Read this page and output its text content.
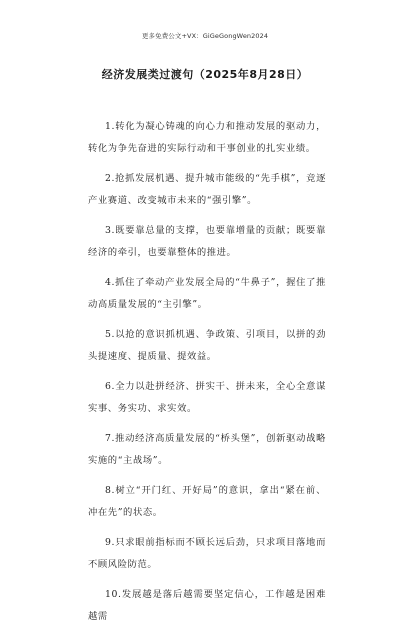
更多免费公文+VX：GiGeGongWen2024
经济发展类过渡句（2025年8月28日）

1.转化为凝心铸魂的向心力和推动发展的驱动力，转化为争先奋进的实际行动和干事创业的扎实业绩。

2.抢抓发展机遇、提升城市能级的“先手棋”，竞逐产业赛道、改变城市未来的“强引擎”。

3.既要靠总量的支撑，也要靠增量的贡献；既要靠经济的牵引，也要靠整体的推进。

4.抓住了牵动产业发展全局的“牛鼻子”，握住了推动高质量发展的“主引擎”。

5.以抢的意识抓机遇、争政策、引项目，以拼的劲头提速度、提质量、提效益。

6.全力以赴拼经济、拼实干、拼未来，全心全意谋实事、务实功、求实效。

7.推动经济高质量发展的“桥头堡”，创新驱动战略实施的“主战场”。

8.树立“开门红、开好局”的意识，拿出“紧在前、冲在先”的状态。

9.只求眼前指标而不顾长远后劲，只求项目落地而不顾风险防范。

10.发展越是落后越需要坚定信心，工作越是困难越需
